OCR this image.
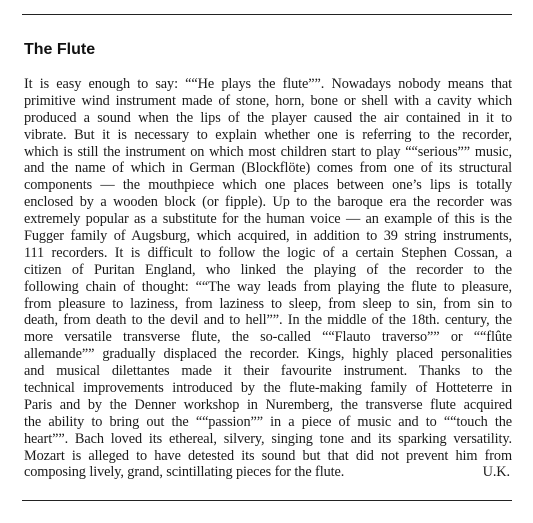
The Flute
It is easy enough to say: ““He plays the flute””. Nowadays nobody means that
primitive wind instrument made of stone, horn, bone or shell with a cavity which
produced a sound when the lips of the player caused the air contained in it to
vibrate. But it is necessary to explain whether one is referring to the recorder,
which is still the instrument on which most children start to play ““serious”” music,
and the name of which in German (Blockflöte) comes from one of its structural
components — the mouthpiece which one places between one’s lips is totally
enclosed by a wooden block (or fipple). Up to the baroque era the recorder was
extremely popular as a substitute for the human voice — an example of this is the
Fugger family of Augsburg, which acquired, in addition to 39 string instruments,
111 recorders. It is difficult to follow the logic of a certain Stephen Cossan, a
citizen of Puritan England, who linked the playing of the recorder to the
following chain of thought: ““The way leads from playing the flute to pleasure,
from pleasure to laziness, from laziness to sleep, from sleep to sin, from sin to
death, from death to the devil and to hell””. In the middle of the 18th. century, the
more versatile transverse flute, the so-called ““Flauto traverso”” or ““flûte
allemande”” gradually displaced the recorder. Kings, highly placed personalities
and musical dilettantes made it their favourite instrument. Thanks to the
technical improvements introduced by the flute-making family of Hotteterre in
Paris and by the Denner workshop in Nuremberg, the transverse flute acquired
the ability to bring out the ““passion”” in a piece of music and to ““touch the
heart””. Bach loved its ethereal, silvery, singing tone and its sparking versatility.
Mozart is alleged to have detested its sound but that did not prevent him from
composing lively, grand, scintillating pieces for the flute.	U.K.
